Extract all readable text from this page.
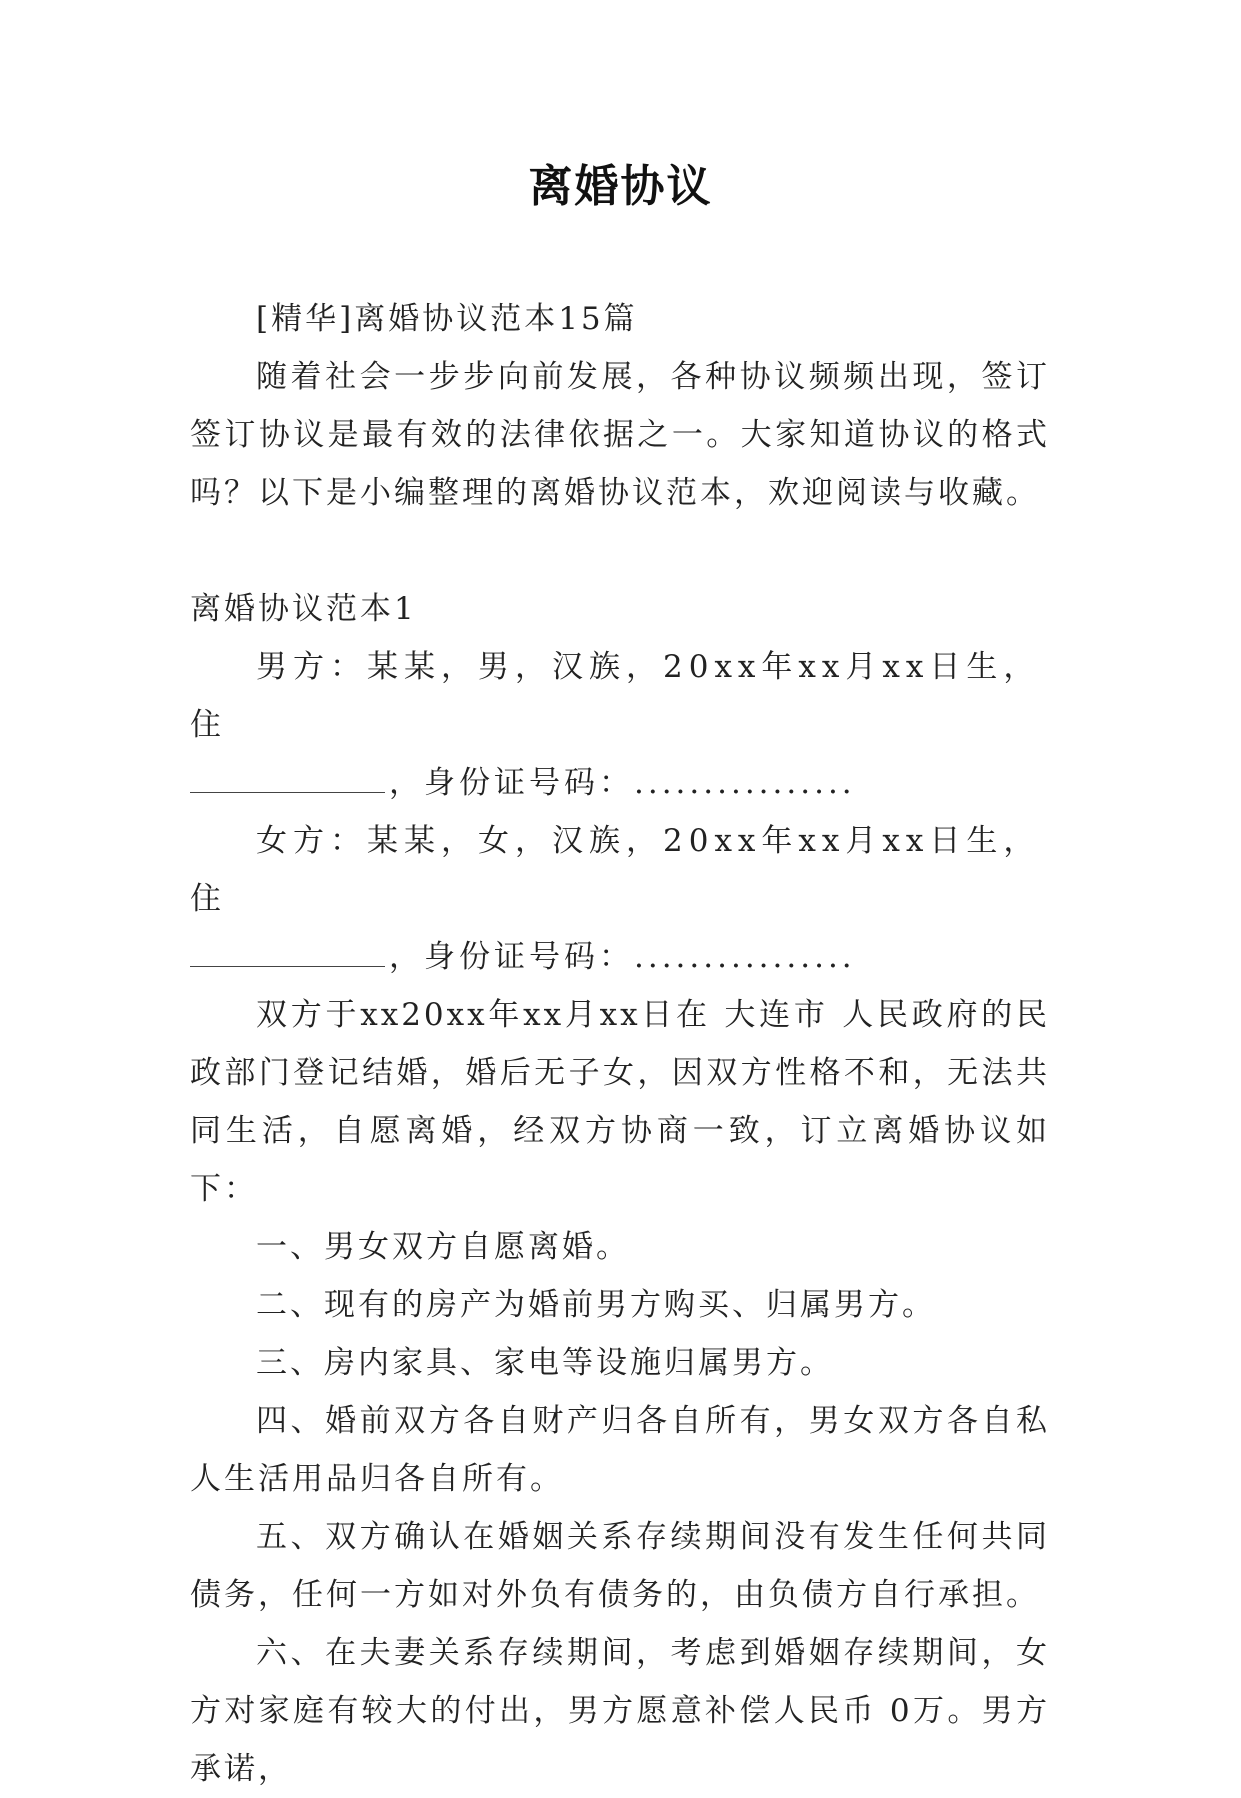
离婚协议

[精华]离婚协议范本15篇

随着社会一步步向前发展，各种协议频频出现，签订签订协议是最有效的法律依据之一。大家知道协议的格式吗？以下是小编整理的离婚协议范本，欢迎阅读与收藏。

离婚协议范本1

男方：某某，男，汉族，20xx年xx月xx日生，住

，身份证号码：................

女方：某某，女，汉族，20xx年xx月xx日生，住

，身份证号码：................

双方于xx20xx年xx月xx日在 大连市 人民政府的民政部门登记结婚，婚后无子女，因双方性格不和，无法共同生活，自愿离婚，经双方协商一致，订立离婚协议如下：

一、男女双方自愿离婚。

二、现有的房产为婚前男方购买、归属男方。

三、房内家具、家电等设施归属男方。

四、婚前双方各自财产归各自所有，男女双方各自私人生活用品归各自所有。

五、双方确认在婚姻关系存续期间没有发生任何共同债务，任何一方如对外负有债务的，由负债方自行承担。

六、在夫妻关系存续期间，考虑到婚姻存续期间，女方对家庭有较大的付出，男方愿意补偿人民币 0万。男方承诺，
